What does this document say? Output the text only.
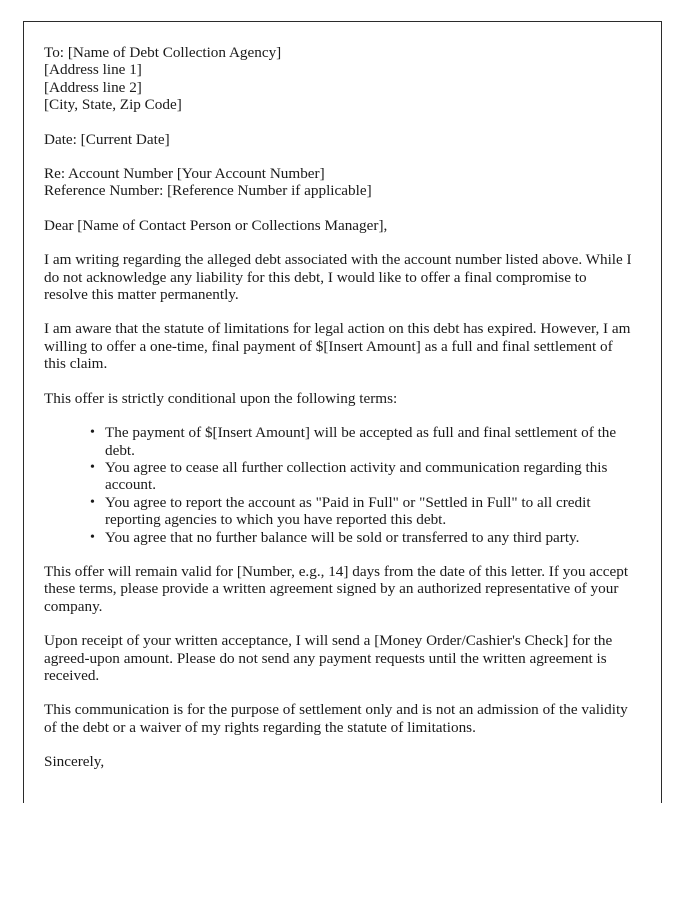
To: [Name of Debt Collection Agency]
[Address line 1]
[Address line 2]
[City, State, Zip Code]
Date: [Current Date]
Re: Account Number [Your Account Number]
Reference Number: [Reference Number if applicable]

Dear [Name of Contact Person or Collections Manager],

I am writing regarding the alleged debt associated with the account number listed above. While I do not acknowledge any liability for this debt, I would like to offer a final compromise to resolve this matter permanently.

I am aware that the statute of limitations for legal action on this debt has expired. However, I am willing to offer a one-time, final payment of $[Insert Amount] as a full and final settlement of this claim.

This offer is strictly conditional upon the following terms:

• The payment of $[Insert Amount] will be accepted as full and final settlement of the debt.
• You agree to cease all further collection activity and communication regarding this account.
• You agree to report the account as "Paid in Full" or "Settled in Full" to all credit reporting agencies to which you have reported this debt.
• You agree that no further balance will be sold or transferred to any third party.

This offer will remain valid for [Number, e.g., 14] days from the date of this letter. If you accept these terms, please provide a written agreement signed by an authorized representative of your company.

Upon receipt of your written acceptance, I will send a [Money Order/Cashier's Check] for the agreed-upon amount. Please do not send any payment requests until the written agreement is received.

This communication is for the purpose of settlement only and is not an admission of the validity of the debt or a waiver of my rights regarding the statute of limitations.

Sincerely,
